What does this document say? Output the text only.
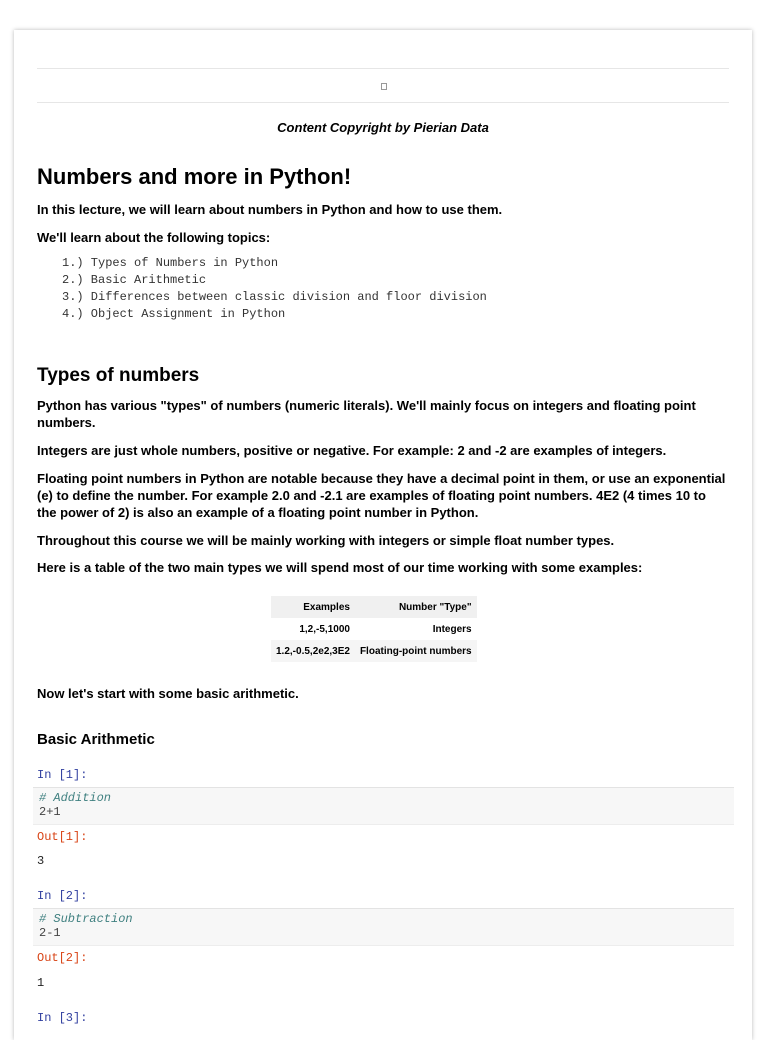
Content Copyright by Pierian Data
Numbers and more in Python!

In this lecture, we will learn about numbers in Python and how to use them.

We'll learn about the following topics:

1.) Types of Numbers in Python
2.) Basic Arithmetic
3.) Differences between classic division and floor division
4.) Object Assignment in Python
Types of numbers

Python has various "types" of numbers (numeric literals). We'll mainly focus on integers and floating point numbers.

Integers are just whole numbers, positive or negative. For example: 2 and -2 are examples of integers.

Floating point numbers in Python are notable because they have a decimal point in them, or use an exponential (e) to define the number. For example 2.0 and -2.1 are examples of floating point numbers. 4E2 (4 times 10 to the power of 2) is also an example of a floating point number in Python.

Throughout this course we will be mainly working with integers or simple float number types.

Here is a table of the two main types we will spend most of our time working with some examples:

Examples	Number "Type"
1,2,-5,1000	Integers
1.2,-0.5,2e2,3E2	Floating-point numbers

Now let's start with some basic arithmetic.

Basic Arithmetic
In [1]:
# Addition
2+1
Out[1]:
3
In [2]:
# Subtraction
2-1
Out[2]:
1
In [3]:
